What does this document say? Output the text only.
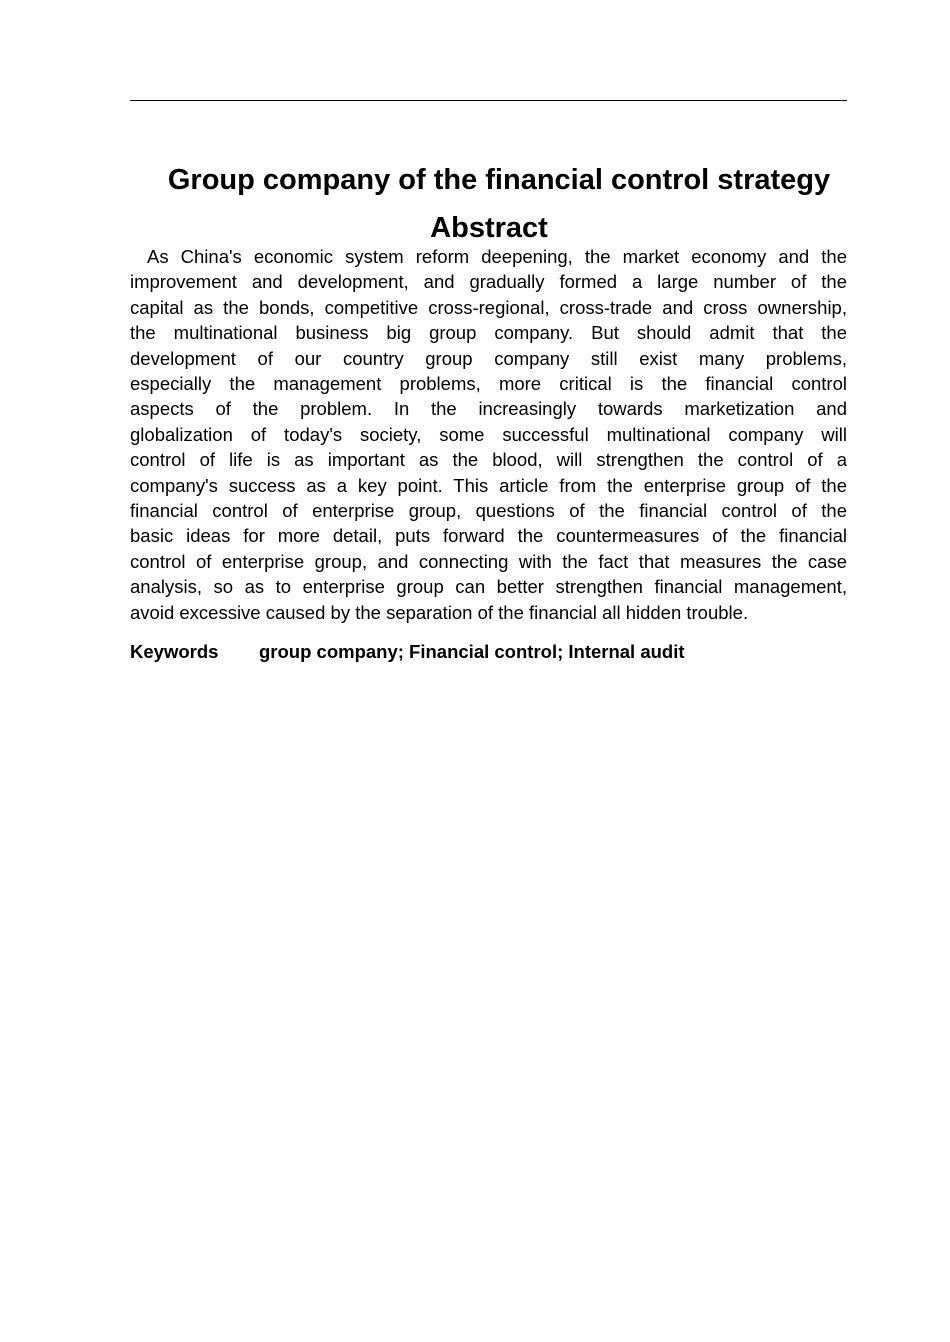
Group company of the financial control strategy
Abstract
As China's economic system reform deepening, the market economy and the
improvement and development, and gradually formed a large number of the
capital as the bonds, competitive cross-regional, cross-trade and cross ownership,
the multinational business big group company. But should admit that the
development of our country group company still exist many problems,
especially the management problems, more critical is the financial control
aspects of the problem. In the increasingly towards marketization and
globalization of today's society, some successful multinational company will
control of life is as important as the blood, will strengthen the control of a
company's success as a key point. This article from the enterprise group of the
financial control of enterprise group, questions of the financial control of the
basic ideas for more detail, puts forward the countermeasures of the financial
control of enterprise group, and connecting with the fact that measures the case
analysis, so as to enterprise group can better strengthen financial management,
avoid excessive caused by the separation of the financial all hidden trouble.

Keywords group company; Financial control; Internal audit
